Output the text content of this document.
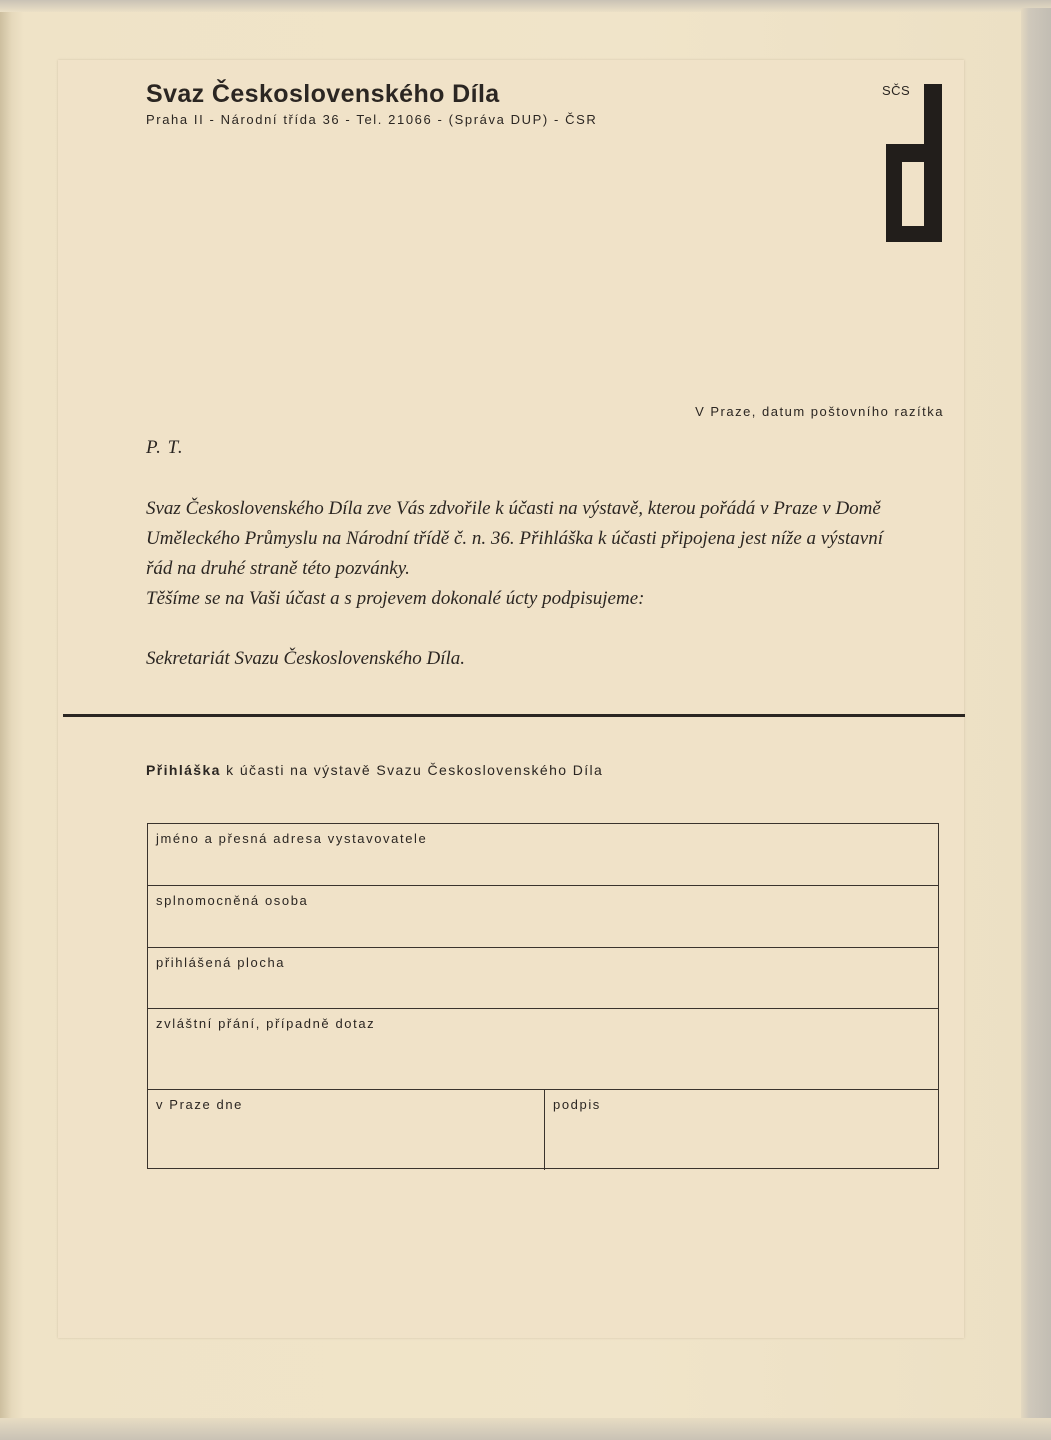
Svaz Československého Díla
Praha II - Národní třída 36 - Tel. 21066 - (Správa DUP) - ČSR
SČS
V Praze, datum poštovního razítka
P. T.

Svaz Československého Díla zve Vás zdvořile k účasti na výstavě, kterou pořádá v Praze v Domě

Uměleckého Průmyslu na Národní třídě č. n. 36. Přihláška k účasti připojena jest níže a výstavní

řád na druhé straně této pozvánky.

Těšíme se na Vaši účast a s projevem dokonalé úcty podpisujeme:

Sekretariát Svazu Československého Díla.
Přihláška k účasti na výstavě Svazu Československého Díla
jméno a přesná adresa vystavovatele
splnomocněná osoba
přihlášená plocha
zvláštní přání, případně dotaz
v Praze dne	podpis
